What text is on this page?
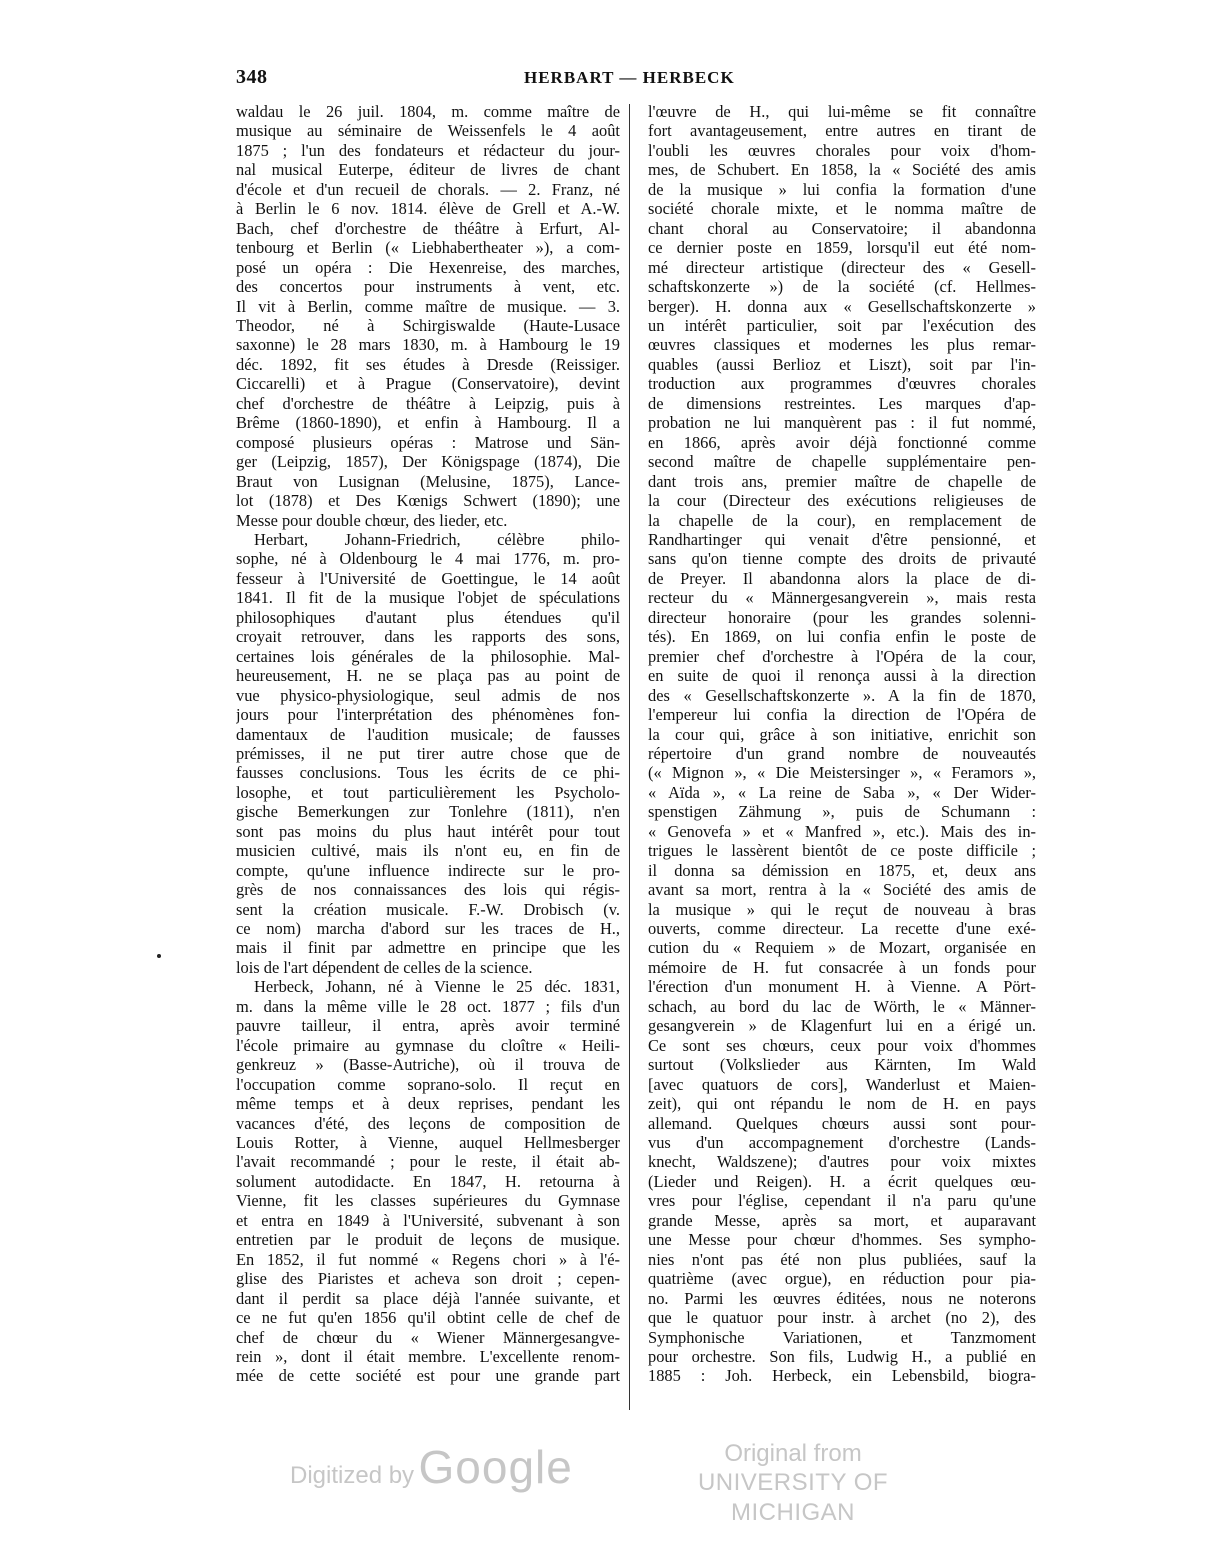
348	HERBART — HERBECK
waldau le 26 juil. 1804, m. comme maître de
musique au séminaire de Weissenfels le 4 août
1875 ; l'un des fondateurs et rédacteur du jour-
nal musical Euterpe, éditeur de livres de chant
d'école et d'un recueil de chorals. — 2. Franz, né
à Berlin le 6 nov. 1814. élève de Grell et A.-W.
Bach, chef d'orchestre de théâtre à Erfurt, Al-
tenbourg et Berlin (« Liebhabertheater »), a com-
posé un opéra : Die Hexenreise, des marches,
des concertos pour instruments à vent, etc.
Il vit à Berlin, comme maître de musique. — 3.
Theodor, né à Schirgiswalde (Haute-Lusace
saxonne) le 28 mars 1830, m. à Hambourg le 19
déc. 1892, fit ses études à Dresde (Reissiger.
Ciccarelli) et à Prague (Conservatoire), devint
chef d'orchestre de théâtre à Leipzig, puis à
Brême (1860-1890), et enfin à Hambourg. Il a
composé plusieurs opéras : Matrose und Sän-
ger (Leipzig, 1857), Der Königspage (1874), Die
Braut von Lusignan (Melusine, 1875), Lance-
lot (1878) et Des Kœnigs Schwert (1890); une
Messe pour double chœur, des lieder, etc.
Herbart, Johann-Friedrich, célèbre philo-
sophe, né à Oldenbourg le 4 mai 1776, m. pro-
fesseur à l'Université de Goettingue, le 14 août
1841. Il fit de la musique l'objet de spéculations
philosophiques d'autant plus étendues qu'il
croyait retrouver, dans les rapports des sons,
certaines lois générales de la philosophie. Mal-
heureusement, H. ne se plaça pas au point de
vue physico-physiologique, seul admis de nos
jours pour l'interprétation des phénomènes fon-
damentaux de l'audition musicale; de fausses
prémisses, il ne put tirer autre chose que de
fausses conclusions. Tous les écrits de ce phi-
losophe, et tout particulièrement les Psycholo-
gische Bemerkungen zur Tonlehre (1811), n'en
sont pas moins du plus haut intérêt pour tout
musicien cultivé, mais ils n'ont eu, en fin de
compte, qu'une influence indirecte sur le pro-
grès de nos connaissances des lois qui régis-
sent la création musicale. F.-W. Drobisch (v.
ce nom) marcha d'abord sur les traces de H.,
mais il finit par admettre en principe que les
lois de l'art dépendent de celles de la science.
Herbeck, Johann, né à Vienne le 25 déc. 1831,
m. dans la même ville le 28 oct. 1877 ; fils d'un
pauvre tailleur, il entra, après avoir terminé
l'école primaire au gymnase du cloître « Heili-
genkreuz » (Basse-Autriche), où il trouva de
l'occupation comme soprano-solo. Il reçut en
même temps et à deux reprises, pendant les
vacances d'été, des leçons de composition de
Louis Rotter, à Vienne, auquel Hellmesberger
l'avait recommandé ; pour le reste, il était ab-
solument autodidacte. En 1847, H. retourna à
Vienne, fit les classes supérieures du Gymnase
et entra en 1849 à l'Université, subvenant à son
entretien par le produit de leçons de musique.
En 1852, il fut nommé « Regens chori » à l'é-
glise des Piaristes et acheva son droit ; cepen-
dant il perdit sa place déjà l'année suivante, et
ce ne fut qu'en 1856 qu'il obtint celle de chef de
chef de chœur du « Wiener Männergesangve-
rein », dont il était membre. L'excellente renom-
mée de cette société est pour une grande part
l'œuvre de H., qui lui-même se fit connaître
fort avantageusement, entre autres en tirant de
l'oubli les œuvres chorales pour voix d'hom-
mes, de Schubert. En 1858, la « Société des amis
de la musique » lui confia la formation d'une
société chorale mixte, et le nomma maître de
chant choral au Conservatoire; il abandonna
ce dernier poste en 1859, lorsqu'il eut été nom-
mé directeur artistique (directeur des « Gesell-
schaftskonzerte ») de la société (cf. Hellmes-
berger). H. donna aux « Gesellschaftskonzerte »
un intérêt particulier, soit par l'exécution des
œuvres classiques et modernes les plus remar-
quables (aussi Berlioz et Liszt), soit par l'in-
troduction aux programmes d'œuvres chorales
de dimensions restreintes. Les marques d'ap-
probation ne lui manquèrent pas : il fut nommé,
en 1866, après avoir déjà fonctionné comme
second maître de chapelle supplémentaire pen-
dant trois ans, premier maître de chapelle de
la cour (Directeur des exécutions religieuses de
la chapelle de la cour), en remplacement de
Randhartinger qui venait d'être pensionné, et
sans qu'on tienne compte des droits de privauté
de Preyer. Il abandonna alors la place de di-
recteur du « Männergesangverein », mais resta
directeur honoraire (pour les grandes solenni-
tés). En 1869, on lui confia enfin le poste de
premier chef d'orchestre à l'Opéra de la cour,
en suite de quoi il renonça aussi à la direction
des « Gesellschaftskonzerte ». A la fin de 1870,
l'empereur lui confia la direction de l'Opéra de
la cour qui, grâce à son initiative, enrichit son
répertoire d'un grand nombre de nouveautés
(« Mignon », « Die Meistersinger », « Feramors »,
« Aïda », « La reine de Saba », « Der Wider-
spenstigen Zähmung », puis de Schumann :
« Genovefa » et « Manfred », etc.). Mais des in-
trigues le lassèrent bientôt de ce poste difficile ;
il donna sa démission en 1875, et, deux ans
avant sa mort, rentra à la « Société des amis de
la musique » qui le reçut de nouveau à bras
ouverts, comme directeur. La recette d'une exé-
cution du « Requiem » de Mozart, organisée en
mémoire de H. fut consacrée à un fonds pour
l'érection d'un monument H. à Vienne. A Pört-
schach, au bord du lac de Wörth, le « Männer-
gesangverein » de Klagenfurt lui en a érigé un.
Ce sont ses chœurs, ceux pour voix d'hommes
surtout (Volkslieder aus Kärnten, Im Wald
[avec quatuors de cors], Wanderlust et Maien-
zeit), qui ont répandu le nom de H. en pays
allemand. Quelques chœurs aussi sont pour-
vus d'un accompagnement d'orchestre (Lands-
knecht, Waldszene); d'autres pour voix mixtes
(Lieder und Reigen). H. a écrit quelques œu-
vres pour l'église, cependant il n'a paru qu'une
grande Messe, après sa mort, et auparavant
une Messe pour chœur d'hommes. Ses sympho-
nies n'ont pas été non plus publiées, sauf la
quatrième (avec orgue), en réduction pour pia-
no. Parmi les œuvres éditées, nous ne noterons
que le quatuor pour instr. à archet (no 2), des
Symphonische Variationen, et Tanzmoment
pour orchestre. Son fils, Ludwig H., a publié en
1885 : Joh. Herbeck, ein Lebensbild, biogra-
Digitized by Google	Original from
UNIVERSITY OF MICHIGAN
